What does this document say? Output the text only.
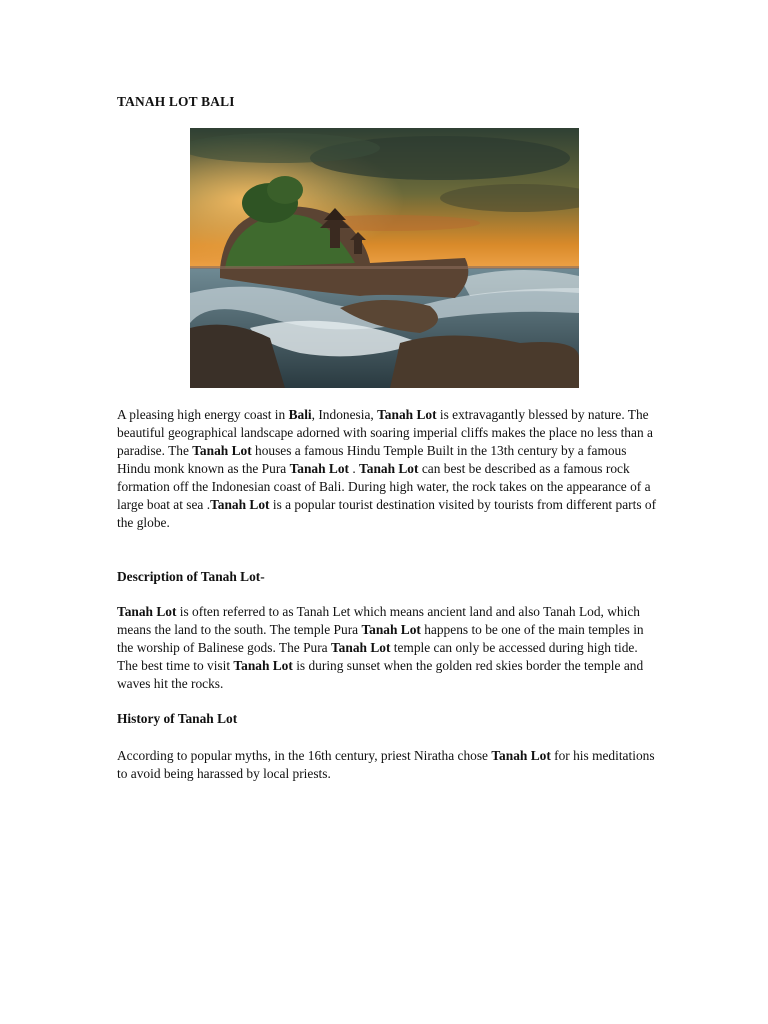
TANAH LOT BALI

A pleasing high energy coast in Bali, Indonesia, Tanah Lot is extravagantly blessed by nature. The beautiful geographical landscape adorned with soaring imperial cliffs makes the place no less than a paradise. The Tanah Lot houses a famous Hindu Temple Built in the 13th century by a famous Hindu monk known as the Pura Tanah Lot . Tanah Lot can best be described as a famous rock formation off the Indonesian coast of Bali. During high water, the rock takes on the appearance of a large boat at sea .Tanah Lot is a popular tourist destination visited by tourists from different parts of the globe.

Description of Tanah Lot-

Tanah Lot is often referred to as Tanah Let which means ancient land and also Tanah Lod, which means the land to the south. The temple Pura Tanah Lot happens to be one of the main temples in the worship of Balinese gods. The Pura Tanah Lot temple can only be accessed during high tide. The best time to visit Tanah Lot is during sunset when the golden red skies border the temple and waves hit the rocks.

History of Tanah Lot

According to popular myths, in the 16th century, priest Niratha chose Tanah Lot for his meditations to avoid being harassed by local priests.
